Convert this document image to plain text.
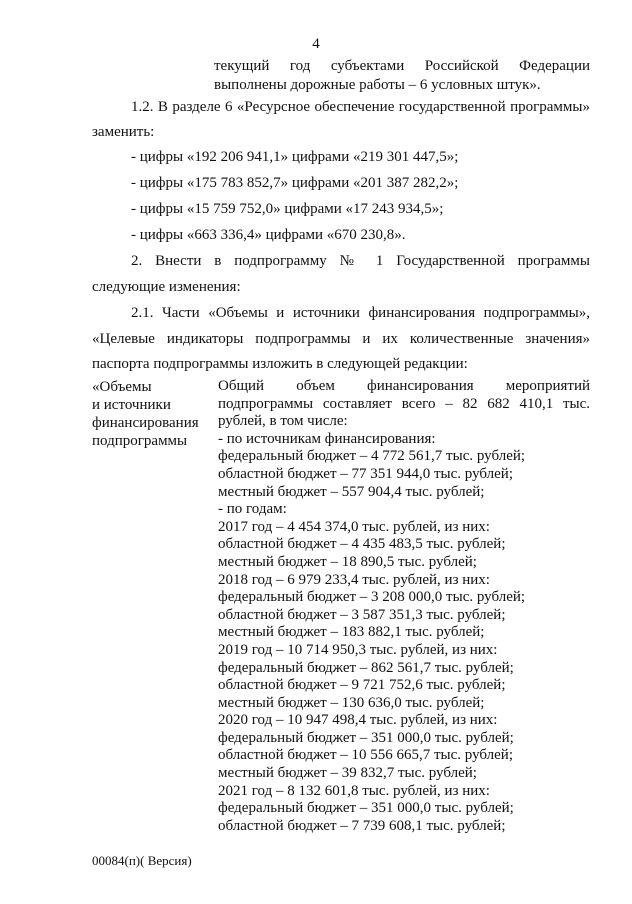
4
текущий год субъектами Российской Федерации
выполнены дорожные работы – 6 условных штук».
1.2. В разделе 6 «Ресурсное обеспечение государственной программы»
заменить:
- цифры «192 206 941,1» цифрами «219 301 447,5»;
- цифры «175 783 852,7» цифрами «201 387 282,2»;
- цифры «15 759 752,0» цифрами «17 243 934,5»;
- цифры «663 336,4» цифрами «670 230,8».
2. Внести в подпрограмму № 1 Государственной программы
следующие изменения:
2.1. Части «Объемы и источники финансирования подпрограммы»,
«Целевые индикаторы подпрограммы и их количественные значения»
паспорта подпрограммы изложить в следующей редакции:
«Объемы
и источники
финансирования
подпрограммы
Общий объем финансирования мероприятий
подпрограммы составляет всего – 82 682 410,1 тыс.
рублей, в том числе:
- по источникам финансирования:
федеральный бюджет – 4 772 561,7 тыс. рублей;
областной бюджет – 77 351 944,0 тыс. рублей;
местный бюджет – 557 904,4 тыс. рублей;
- по годам:
2017 год – 4 454 374,0 тыс. рублей, из них:
областной бюджет – 4 435 483,5 тыс. рублей;
местный бюджет – 18 890,5 тыс. рублей;
2018 год – 6 979 233,4 тыс. рублей, из них:
федеральный бюджет – 3 208 000,0 тыс. рублей;
областной бюджет – 3 587 351,3 тыс. рублей;
местный бюджет – 183 882,1 тыс. рублей;
2019 год – 10 714 950,3 тыс. рублей, из них:
федеральный бюджет – 862 561,7 тыс. рублей;
областной бюджет – 9 721 752,6 тыс. рублей;
местный бюджет – 130 636,0 тыс. рублей;
2020 год – 10 947 498,4 тыс. рублей, из них:
федеральный бюджет – 351 000,0 тыс. рублей;
областной бюджет – 10 556 665,7 тыс. рублей;
местный бюджет – 39 832,7 тыс. рублей;
2021 год – 8 132 601,8 тыс. рублей, из них:
федеральный бюджет – 351 000,0 тыс. рублей;
областной бюджет – 7 739 608,1 тыс. рублей;
00084(п)( Версия)
